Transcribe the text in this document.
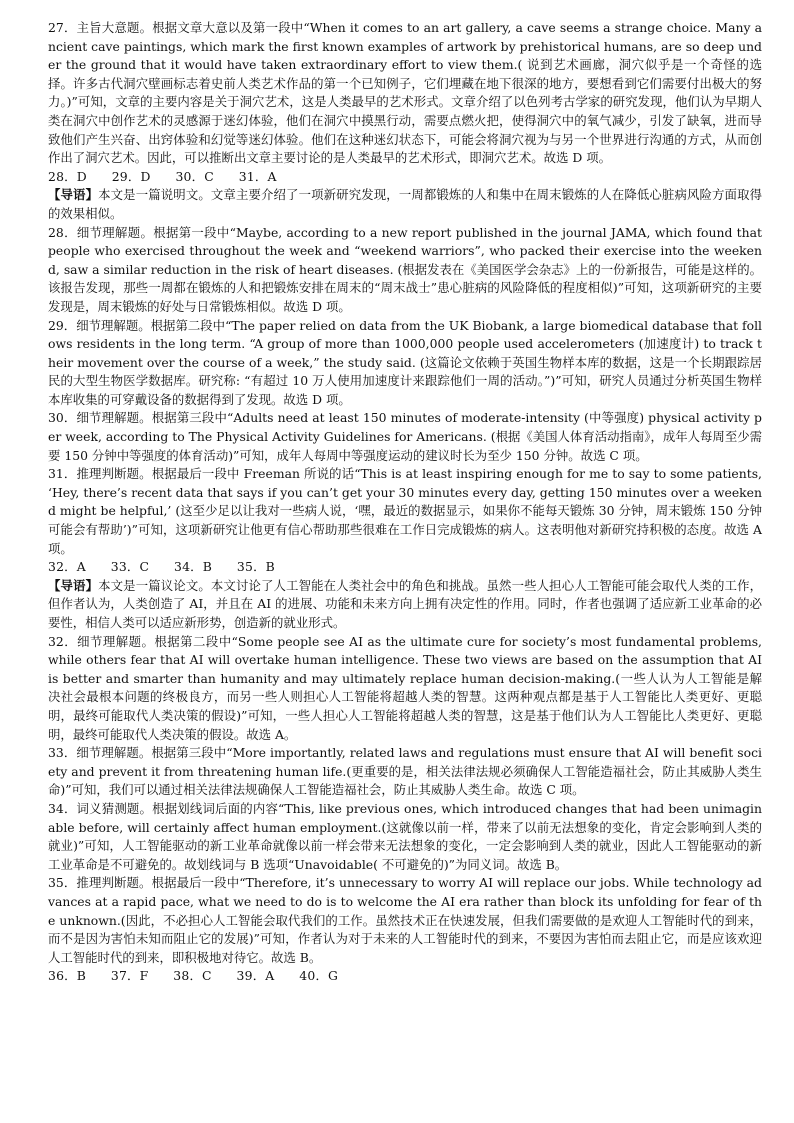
27．主旨大意题。根据文章大意以及第一段中“When it comes to an art gallery, a cave seems a strange choice. Many ancient cave paintings, which mark the first known examples of artwork by prehistorical humans, are so deep under the ground that it would have taken extraordinary effort to view them.( 说到艺术画廊，洞穴似乎是一个奇怪的选择。许多古代洞穴壁画标志着史前人类艺术作品的第一个已知例子，它们埋藏在地下很深的地方，要想看到它们需要付出极大的努力。)”可知，文章的主要内容是关于洞穴艺术，这是人类最早的艺术形式。文章介绍了以色列考古学家的研究发现，他们认为早期人类在洞穴中创作艺术的灵感源于迷幻体验，他们在洞穴中摸黑行动，需要点燃火把，使得洞穴中的氧气减少，引发了缺氧，进而导致他们产生兴奋、出窍体验和幻觉等迷幻体验。他们在这种迷幻状态下，可能会将洞穴视为与另一个世界进行沟通的方式，从而创作出了洞穴艺术。因此，可以推断出文章主要讨论的是人类最早的艺术形式，即洞穴艺术。故选 D 项。

28．D      29．D      30．C      31．A

【导语】本文是一篇说明文。文章主要介绍了一项新研究发现，一周都锻炼的人和集中在周末锻炼的人在降低心脏病风险方面取得的效果相似。

28．细节理解题。根据第一段中“Maybe, according to a new report published in the journal JAMA, which found that people who exercised throughout the week and “weekend warriors”, who packed their exercise into the weekend, saw a similar reduction in the risk of heart diseases. (根据发表在《美国医学会杂志》上的一份新报告，可能是这样的。该报告发现，那些一周都在锻炼的人和把锻炼安排在周末的“周末战士”患心脏病的风险降低的程度相似)”可知，这项新研究的主要发现是，周末锻炼的好处与日常锻炼相似。故选 D 项。

29．细节理解题。根据第二段中“The paper relied on data from the UK Biobank, a large biomedical database that follows residents in the long term. “A group of more than 1000,000 people used accelerometers (加速度计) to track their movement over the course of a week,” the study said. (这篇论文依赖于英国生物样本库的数据，这是一个长期跟踪居民的大型生物医学数据库。研究称: “有超过 10 万人使用加速度计来跟踪他们一周的活动。”)”可知，研究人员通过分析英国生物样本库收集的可穿戴设备的数据得到了发现。故选 D 项。

30．细节理解题。根据第三段中“Adults need at least 150 minutes of moderate-intensity (中等强度) physical activity per week, according to The Physical Activity Guidelines for Americans. (根据《美国人体育活动指南》，成年人每周至少需要 150 分钟中等强度的体育活动)”可知，成年人每周中等强度运动的建议时长为至少 150 分钟。故选 C 项。

31．推理判断题。根据最后一段中 Freeman 所说的话“This is at least inspiring enough for me to say to some patients, ‘Hey, there’s recent data that says if you can’t get your 30 minutes every day, getting 150 minutes over a weekend might be helpful,’ (这至少足以让我对一些病人说，‘嘿，最近的数据显示，如果你不能每天锻炼 30 分钟，周末锻炼 150 分钟可能会有帮助’)”可知，这项新研究让他更有信心帮助那些很难在工作日完成锻炼的病人。这表明他对新研究持积极的态度。故选 A 项。

32．A      33．C      34．B      35．B

【导语】本文是一篇议论文。本文讨论了人工智能在人类社会中的角色和挑战。虽然一些人担心人工智能可能会取代人类的工作，但作者认为，人类创造了 AI，并且在 AI 的进展、功能和未来方向上拥有决定性的作用。同时，作者也强调了适应新工业革命的必要性，相信人类可以适应新形势，创造新的就业形式。

32．细节理解题。根据第二段中“Some people see AI as the ultimate cure for society’s most fundamental problems, while others fear that AI will overtake human intelligence. These two views are based on the assumption that AI is better and smarter than humanity and may ultimately replace human decision-making.(一些人认为人工智能是解决社会最根本问题的终极良方，而另一些人则担心人工智能将超越人类的智慧。这两种观点都是基于人工智能比人类更好、更聪明，最终可能取代人类决策的假设)”可知，一些人担心人工智能将超越人类的智慧，这是基于他们认为人工智能比人类更好、更聪明，最终可能取代人类决策的假设。故选 A。

33．细节理解题。根据第三段中“More importantly, related laws and regulations must ensure that AI will benefit society and prevent it from threatening human life.(更重要的是，相关法律法规必须确保人工智能造福社会，防止其威胁人类生命)”可知，我们可以通过相关法律法规确保人工智能造福社会，防止其威胁人类生命。故选 C 项。

34．词义猜测题。根据划线词后面的内容“This, like previous ones, which introduced changes that had been unimaginable before, will certainly affect human employment.(这就像以前一样，带来了以前无法想象的变化，肯定会影响到人类的就业)”可知，人工智能驱动的新工业革命就像以前一样会带来无法想象的变化，一定会影响到人类的就业，因此人工智能驱动的新工业革命是不可避免的。故划线词与 B 选项“Unavoidable( 不可避免的)”为同义词。故选 B。

35．推理判断题。根据最后一段中“Therefore, it’s unnecessary to worry AI will replace our jobs. While technology advances at a rapid pace, what we need to do is to welcome the AI era rather than block its unfolding for fear of the unknown.(因此，不必担心人工智能会取代我们的工作。虽然技术正在快速发展，但我们需要做的是欢迎人工智能时代的到来，而不是因为害怕未知而阻止它的发展)”可知，作者认为对于未来的人工智能时代的到来，不要因为害怕而去阻止它，而是应该欢迎人工智能时代的到来，即积极地对待它。故选 B。

36．B      37．F      38．C      39．A      40．G
